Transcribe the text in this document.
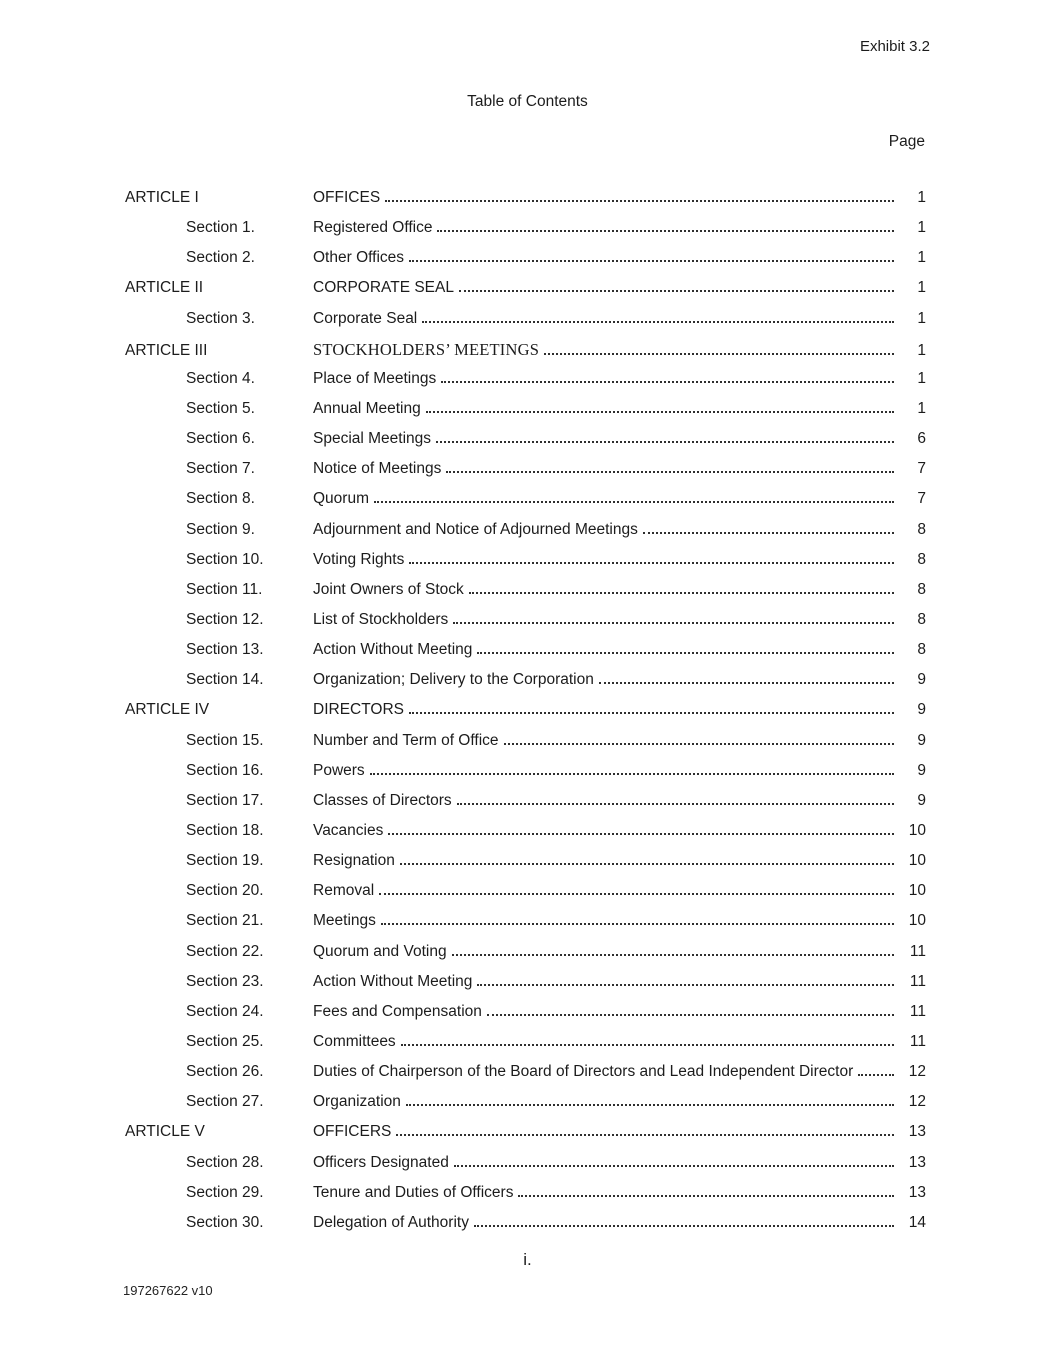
Exhibit 3.2
Table of Contents
Page
ARTICLE I	OFFICES	1
Section 1.	Registered Office	1
Section 2.	Other Offices	1
ARTICLE II	CORPORATE SEAL	1
Section 3.	Corporate Seal	1
ARTICLE III	STOCKHOLDERS’ MEETINGS	1
Section 4.	Place of Meetings	1
Section 5.	Annual Meeting	1
Section 6.	Special Meetings	6
Section 7.	Notice of Meetings	7
Section 8.	Quorum	7
Section 9.	Adjournment and Notice of Adjourned Meetings	8
Section 10.	Voting Rights	8
Section 11.	Joint Owners of Stock	8
Section 12.	List of Stockholders	8
Section 13.	Action Without Meeting	8
Section 14.	Organization; Delivery to the Corporation	9
ARTICLE IV	DIRECTORS	9
Section 15.	Number and Term of Office	9
Section 16.	Powers	9
Section 17.	Classes of Directors	9
Section 18.	Vacancies	10
Section 19.	Resignation	10
Section 20.	Removal	10
Section 21.	Meetings	10
Section 22.	Quorum and Voting	11
Section 23.	Action Without Meeting	11
Section 24.	Fees and Compensation	11
Section 25.	Committees	11
Section 26.	Duties of Chairperson of the Board of Directors and Lead Independent Director	12
Section 27.	Organization	12
ARTICLE V	OFFICERS	13
Section 28.	Officers Designated	13
Section 29.	Tenure and Duties of Officers	13
Section 30.	Delegation of Authority	14
i.
197267622 v10
